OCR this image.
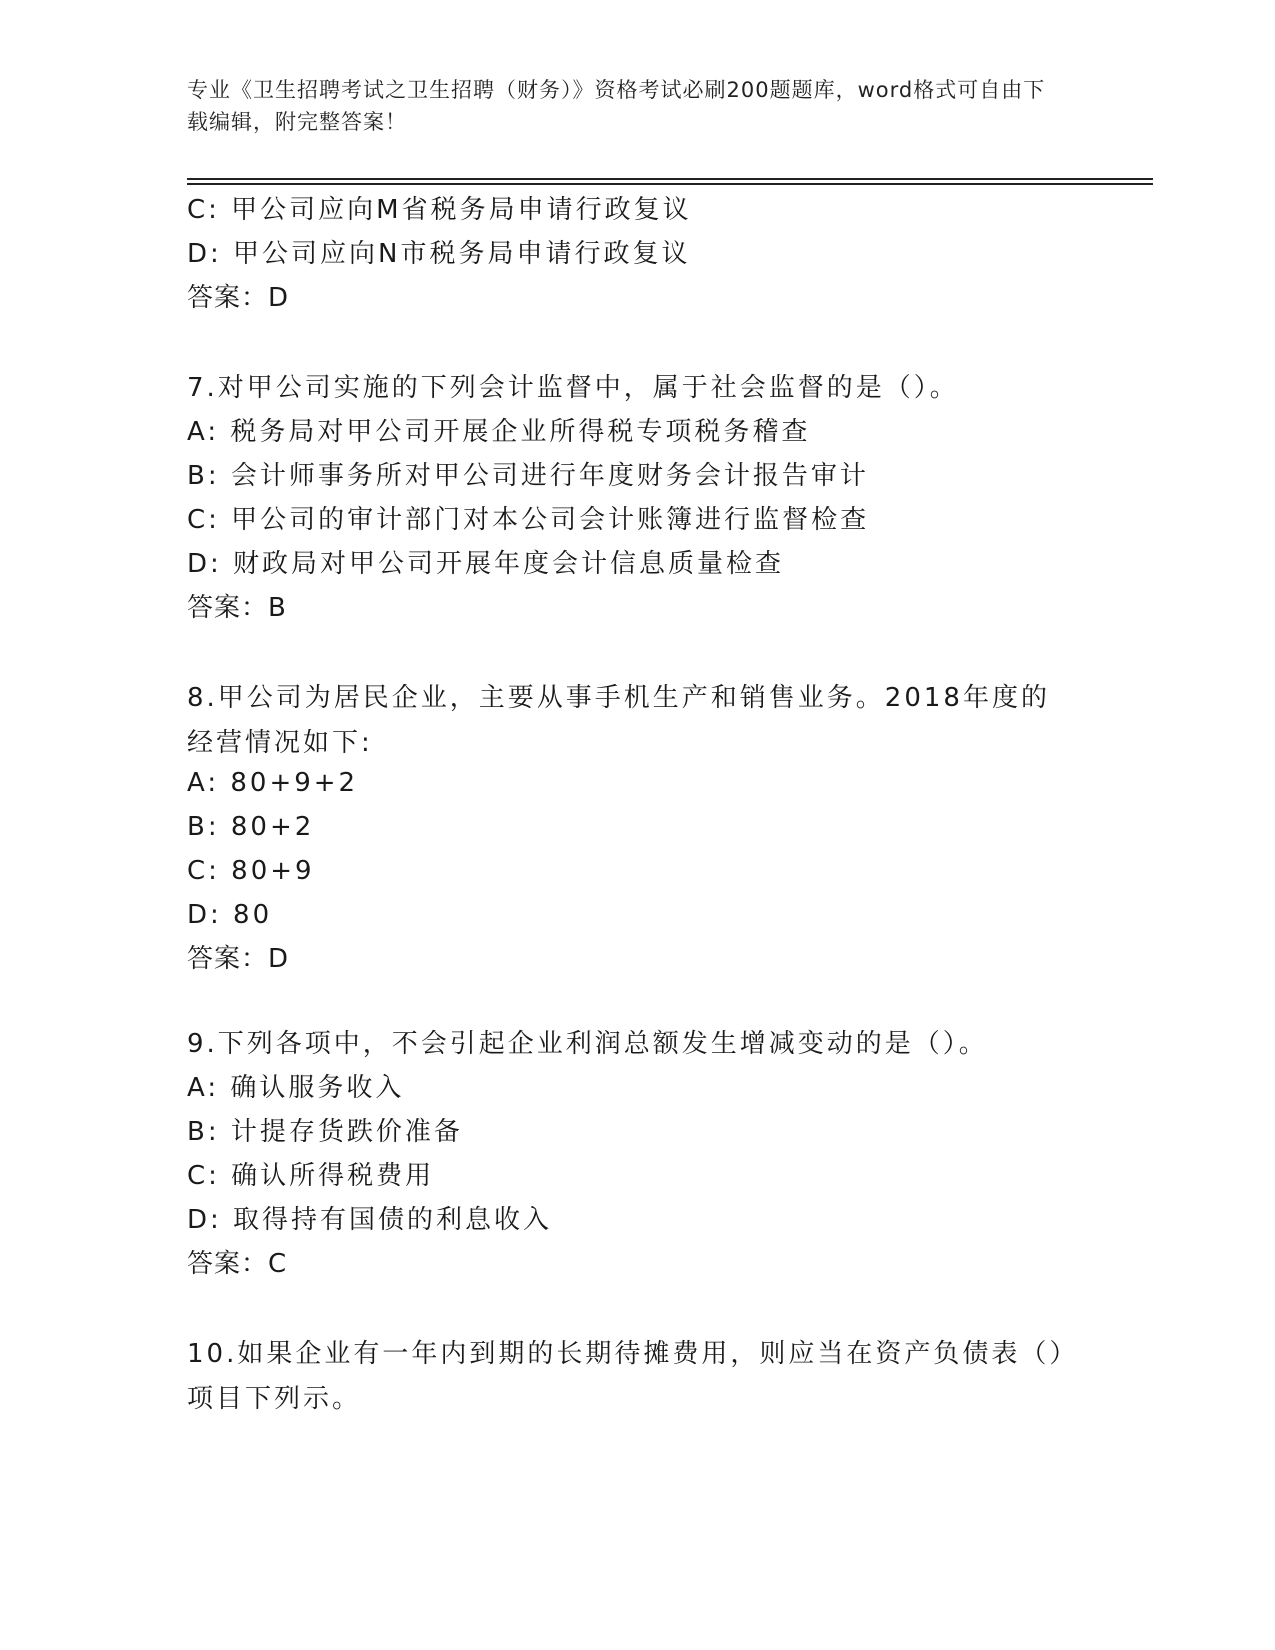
专业《卫生招聘考试之卫生招聘（财务）》资格考试必刷200题题库，word格式可自由下载编辑，附完整答案！
C: 甲公司应向M省税务局申请行政复议
D: 甲公司应向N市税务局申请行政复议
答案：D
7.对甲公司实施的下列会计监督中，属于社会监督的是（）。
A: 税务局对甲公司开展企业所得税专项税务稽查
B: 会计师事务所对甲公司进行年度财务会计报告审计
C: 甲公司的审计部门对本公司会计账簿进行监督检查
D: 财政局对甲公司开展年度会计信息质量检查
答案：B
8.甲公司为居民企业，主要从事手机生产和销售业务。2018年度的经营情况如下:
A: 80+9+2
B: 80+2
C: 80+9
D: 80
答案：D
9.下列各项中，不会引起企业利润总额发生增减变动的是（）。
A: 确认服务收入
B: 计提存货跌价准备
C: 确认所得税费用
D: 取得持有国债的利息收入
答案：C
10.如果企业有一年内到期的长期待摊费用，则应当在资产负债表（）项目下列示。
